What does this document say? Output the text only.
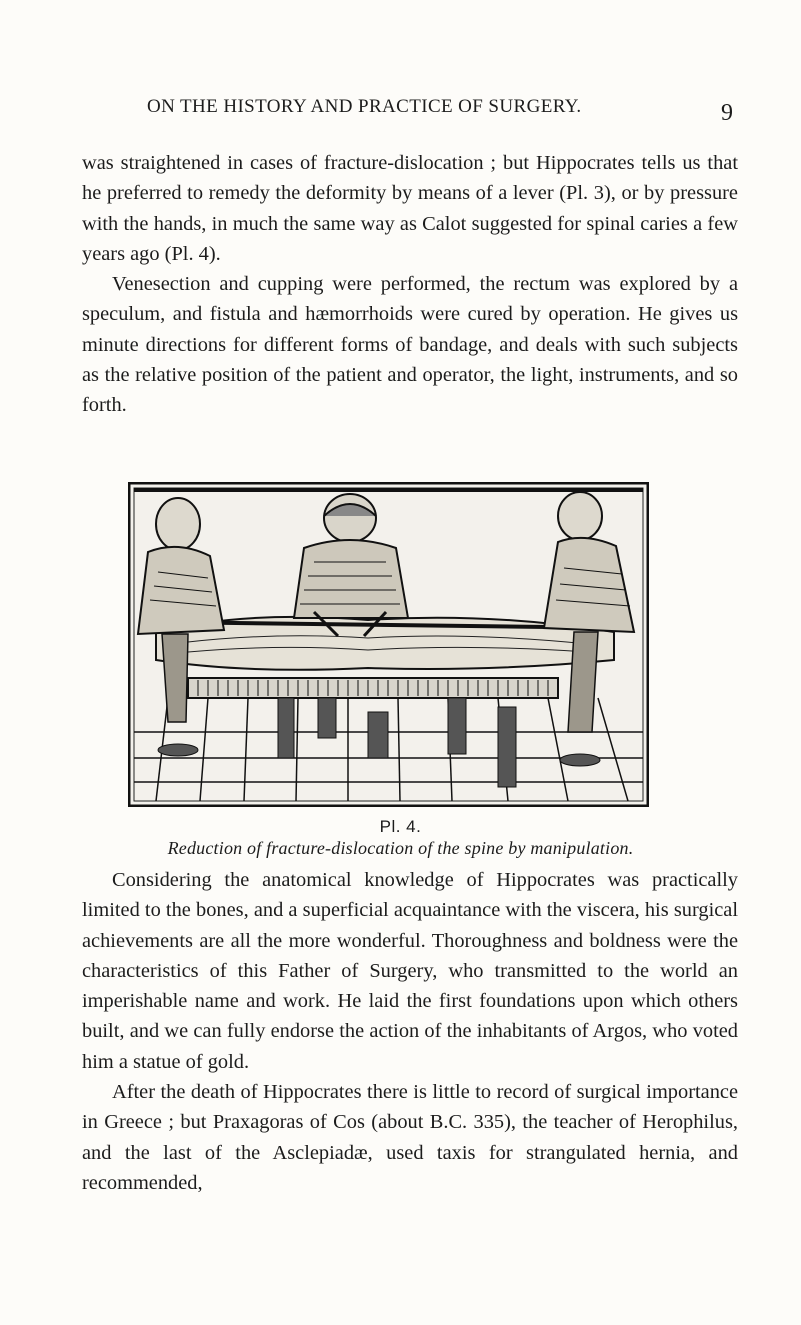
ON THE HISTORY AND PRACTICE OF SURGERY.	9

was straightened in cases of fracture-dislocation ; but Hippocrates tells us that he preferred to remedy the deformity by means of a lever (Pl. 3), or by pressure with the hands, in much the same way as Calot suggested for spinal caries a few years ago (Pl. 4).

Venesection and cupping were performed, the rectum was explored by a speculum, and fistula and hæmorrhoids were cured by operation. He gives us minute directions for different forms of bandage, and deals with such subjects as the relative position of the patient and operator, the light, instruments, and so forth.

Pl. 4.
Reduction of fracture-dislocation of the spine by manipulation.

Considering the anatomical knowledge of Hippocrates was practically limited to the bones, and a superficial acquaintance with the viscera, his surgical achievements are all the more wonderful. Thoroughness and boldness were the characteristics of this Father of Surgery, who transmitted to the world an imperishable name and work. He laid the first foundations upon which others built, and we can fully endorse the action of the inhabitants of Argos, who voted him a statue of gold.

After the death of Hippocrates there is little to record of surgical importance in Greece ; but Praxagoras of Cos (about B.C. 335), the teacher of Herophilus, and the last of the Asclepiadæ, used taxis for strangulated hernia, and recommended,
